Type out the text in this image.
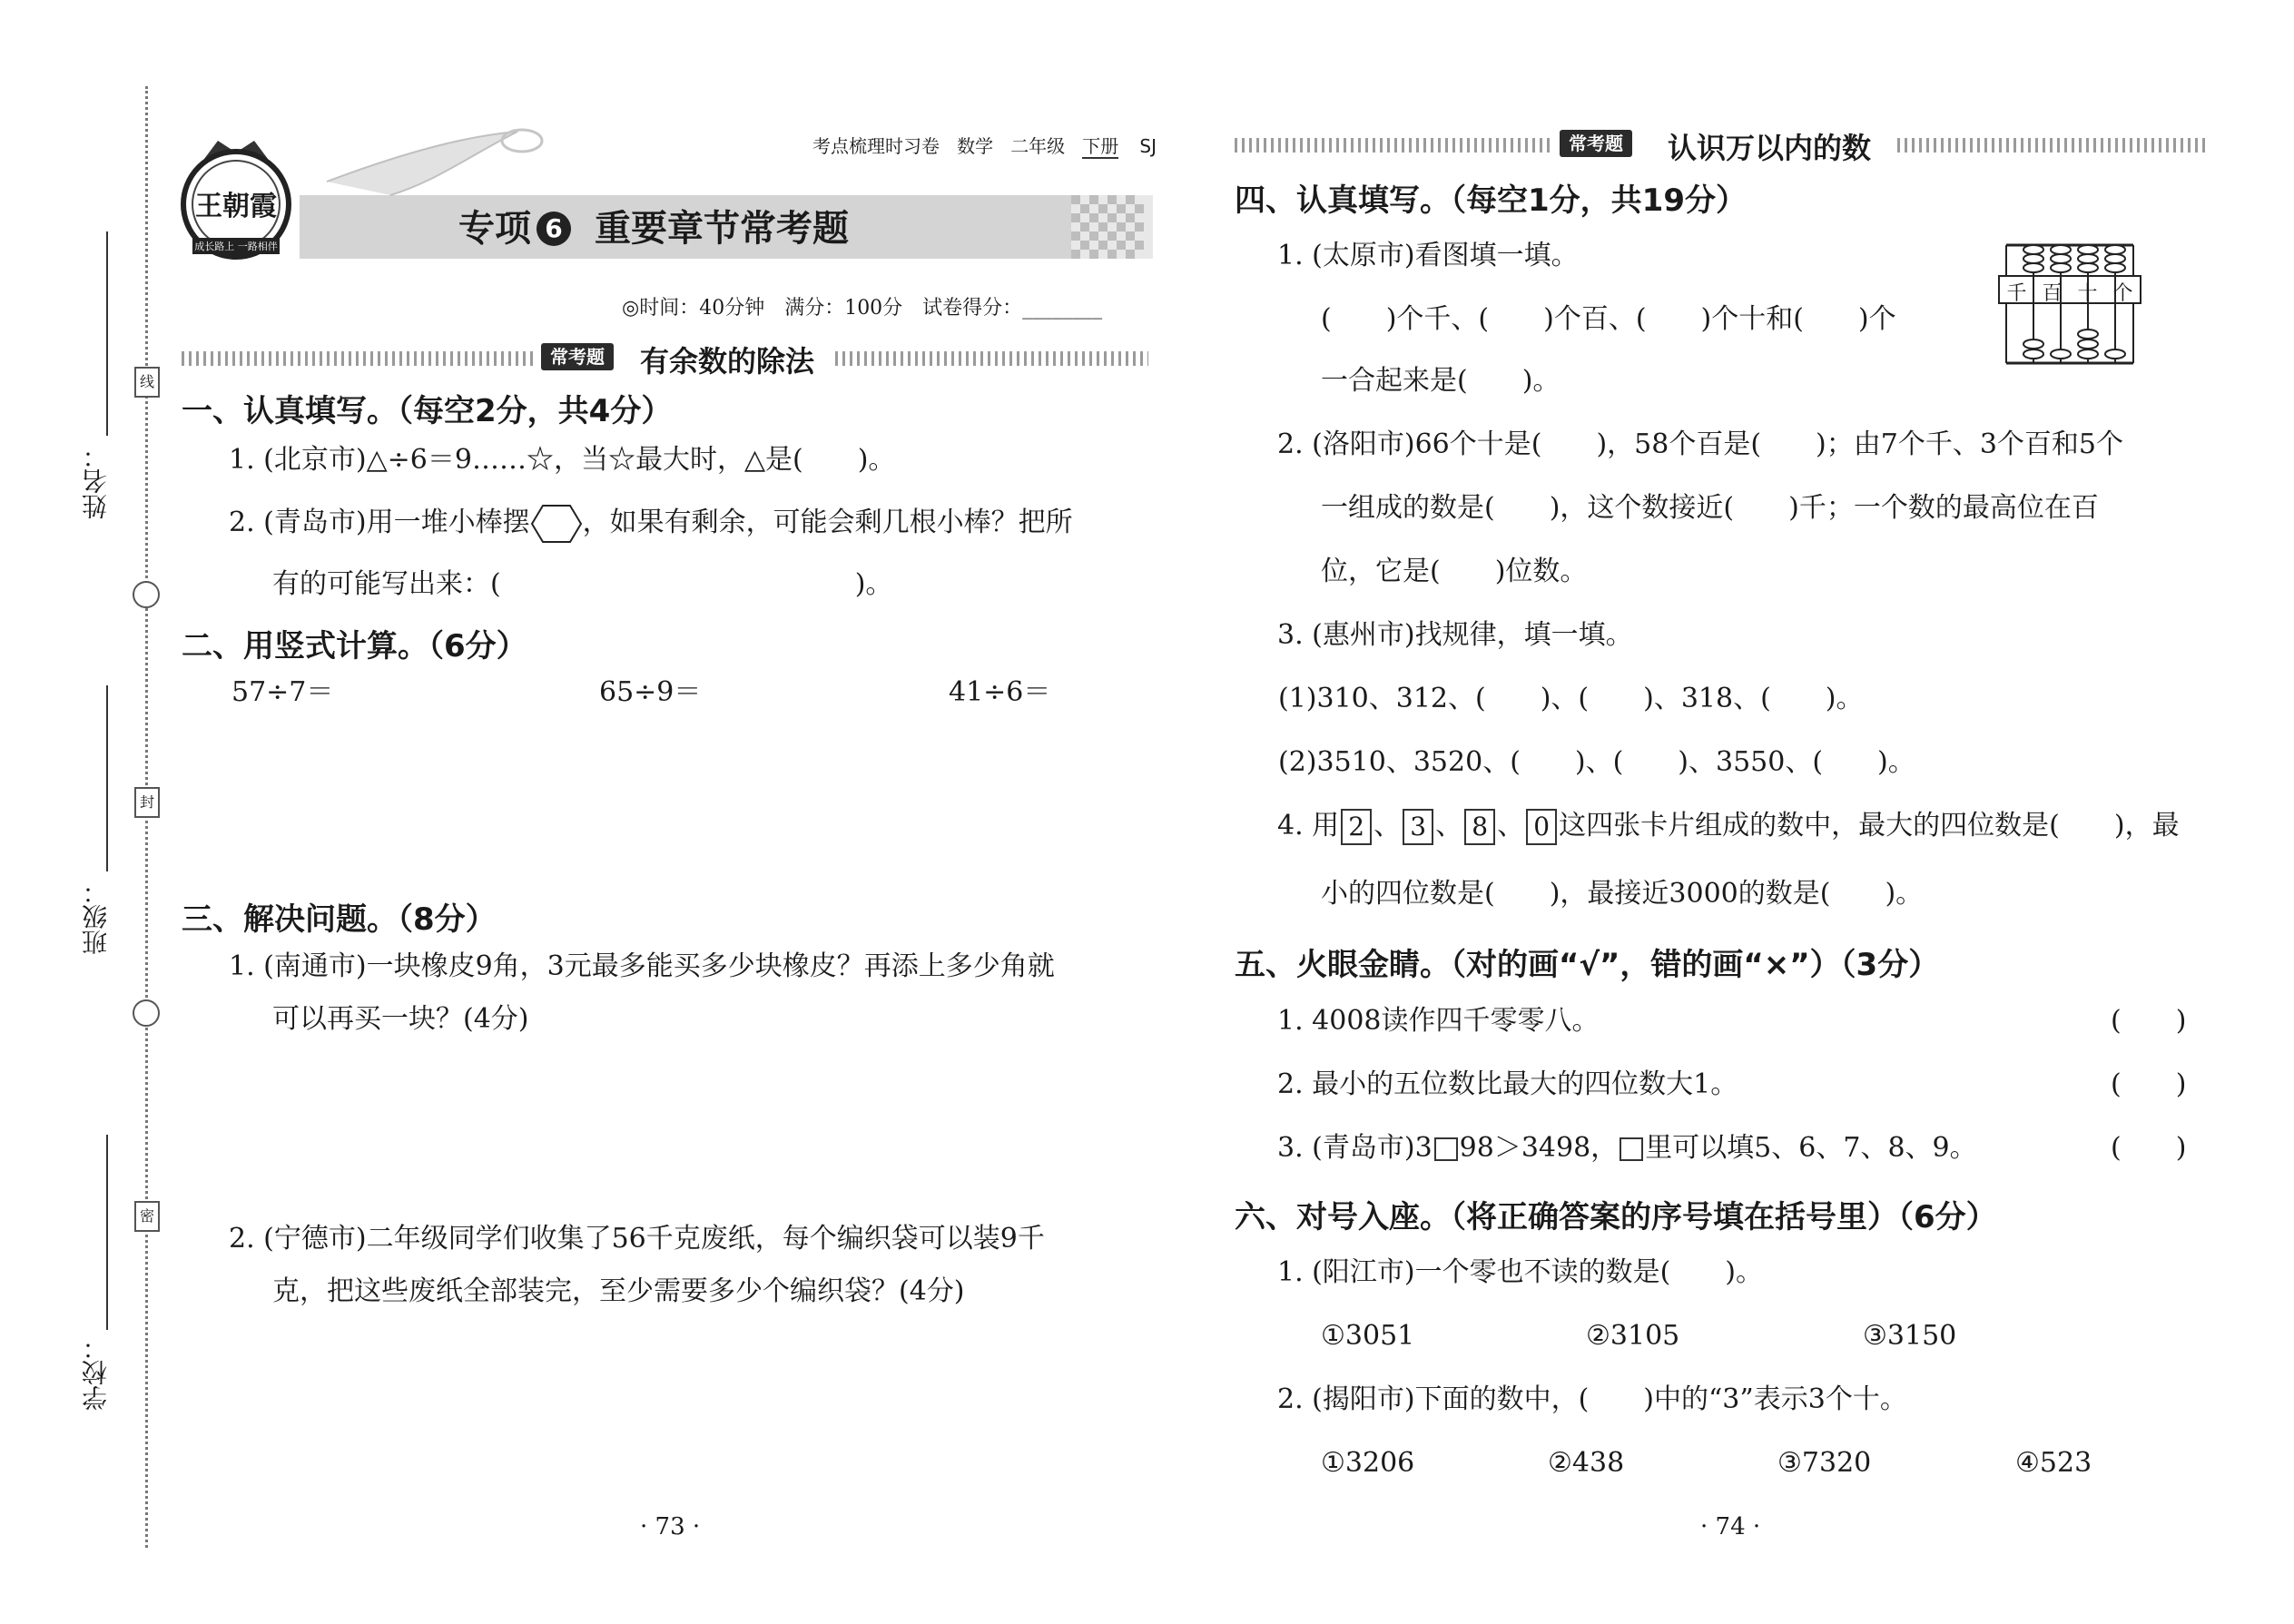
姓名：
班级：
学校：
线
封
密
王朝霞
成长路上 一路相伴
考点梳理时习卷 数学 二年级 下册 SJ
专项 6 重要章节常考题
◎时间：40分钟　满分：100分　试卷得分：________
常考题	有余数的除法
一、认真填写。（每空2分，共4分）
1. (北京市)△÷6＝9……☆，当☆最大时，△是(　　)。
2. (青岛市)用一堆小棒摆 ，如果有剩余，可能会剩几根小棒？把所
有的可能写出来：(　　　　　　　　　　　　　)。
二、用竖式计算。（6分）
57÷7＝	65÷9＝	41÷6＝
三、解决问题。（8分）
1. (南通市)一块橡皮9角，3元最多能买多少块橡皮？再添上多少角就
可以再买一块？(4分)
2. (宁德市)二年级同学们收集了56千克废纸，每个编织袋可以装9千
克，把这些废纸全部装完，至少需要多少个编织袋？(4分)
· 73 ·
常考题	认识万以内的数
四、认真填写。（每空1分，共19分）
1. (太原市)看图填一填。
(　　)个千、(　　)个百、(　　)个十和(　　)个
一合起来是(　　)。
千 百 十 个
2. (洛阳市)66个十是(　　)，58个百是(　　)；由7个千、3个百和5个
一组成的数是(　　)，这个数接近(　　)千；一个数的最高位在百
位，它是(　　)位数。
3. (惠州市)找规律，填一填。
(1)310、312、(　　)、(　　)、318、(　　)。
(2)3510、3520、(　　)、(　　)、3550、(　　)。
4. 用 2 、 3 、 8 、 0 这四张卡片组成的数中，最大的四位数是(　　)，最
小的四位数是(　　)，最接近3000的数是(　　)。
五、火眼金睛。（对的画“√”，错的画“×”）（3分）
1. 4008读作四千零零八。	(　　)
2. 最小的五位数比最大的四位数大1。	(　　)
3. (青岛市)3 98＞3498， 里可以填5、6、7、8、9。	(　　)
六、对号入座。（将正确答案的序号填在括号里）（6分）
1. (阳江市)一个零也不读的数是(　　)。
①3051	②3105	③3150
2. (揭阳市)下面的数中，(　　)中的“3”表示3个十。
①3206	②438	③7320	④523
· 74 ·
